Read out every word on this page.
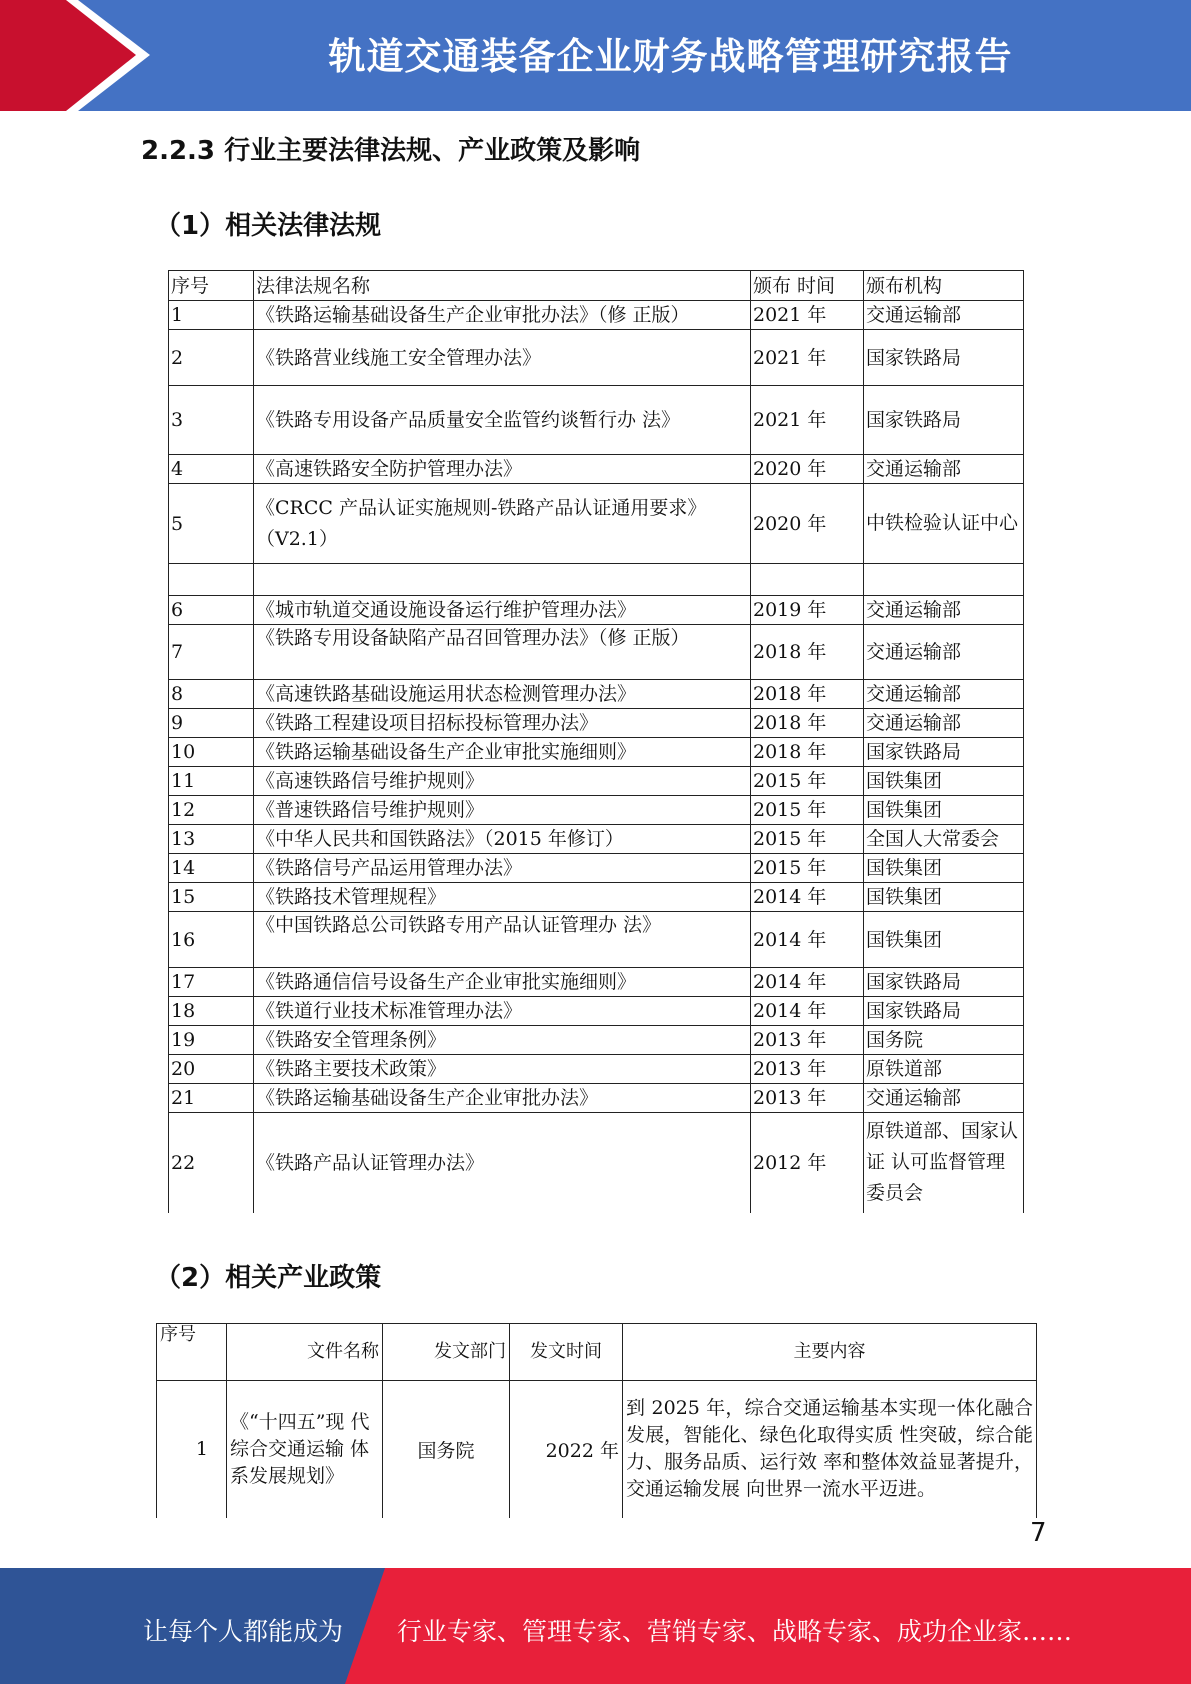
轨道交通装备企业财务战略管理研究报告
2.2.3 行业主要法律法规、产业政策及影响
（1）相关法律法规
序号	法律法规名称	颁布 时间	颁布机构
1	《铁路运输基础设备生产企业审批办法》（修 正版）	2021 年	交通运输部
2	《铁路营业线施工安全管理办法》	2021 年	国家铁路局
3	《铁路专用设备产品质量安全监管约谈暂行办 法》	2021 年	国家铁路局
4	《高速铁路安全防护管理办法》	2020 年	交通运输部
5	《CRCC 产品认证实施规则-铁路产品认证通用要求》（V2.1）	2020 年	中铁检验认证中心

6	《城市轨道交通设施设备运行维护管理办法》	2019 年	交通运输部
7	《铁路专用设备缺陷产品召回管理办法》（修 正版）	2018 年	交通运输部
8	《高速铁路基础设施运用状态检测管理办法》	2018 年	交通运输部
9	《铁路工程建设项目招标投标管理办法》	2018 年	交通运输部
10	《铁路运输基础设备生产企业审批实施细则》	2018 年	国家铁路局
11	《高速铁路信号维护规则》	2015 年	国铁集团
12	《普速铁路信号维护规则》	2015 年	国铁集团
13	《中华人民共和国铁路法》（2015 年修订）	2015 年	全国人大常委会
14	《铁路信号产品运用管理办法》	2015 年	国铁集团
15	《铁路技术管理规程》	2014 年	国铁集团
16	《中国铁路总公司铁路专用产品认证管理办 法》	2014 年	国铁集团
17	《铁路通信信号设备生产企业审批实施细则》	2014 年	国家铁路局
18	《铁道行业技术标准管理办法》	2014 年	国家铁路局
19	《铁路安全管理条例》	2013 年	国务院
20	《铁路主要技术政策》	2013 年	原铁道部
21	《铁路运输基础设备生产企业审批办法》	2013 年	交通运输部
22	《铁路产品认证管理办法》	2012 年	原铁道部、国家认证 认可监督管理委员会
（2）相关产业政策
序号	文件名称	发文部门	发文时间	主要内容
1	《“十四五”现 代综合交通运输 体系发展规划》	国务院	2022 年	到 2025 年，综合交通运输基本实现一体化融合发展，智能化、绿色化取得实质 性突破，综合能力、服务品质、运行效 率和整体效益显著提升，交通运输发展 向世界一流水平迈进。
7
让每个人都能成为 行业专家、管理专家、营销专家、战略专家、成功企业家……
